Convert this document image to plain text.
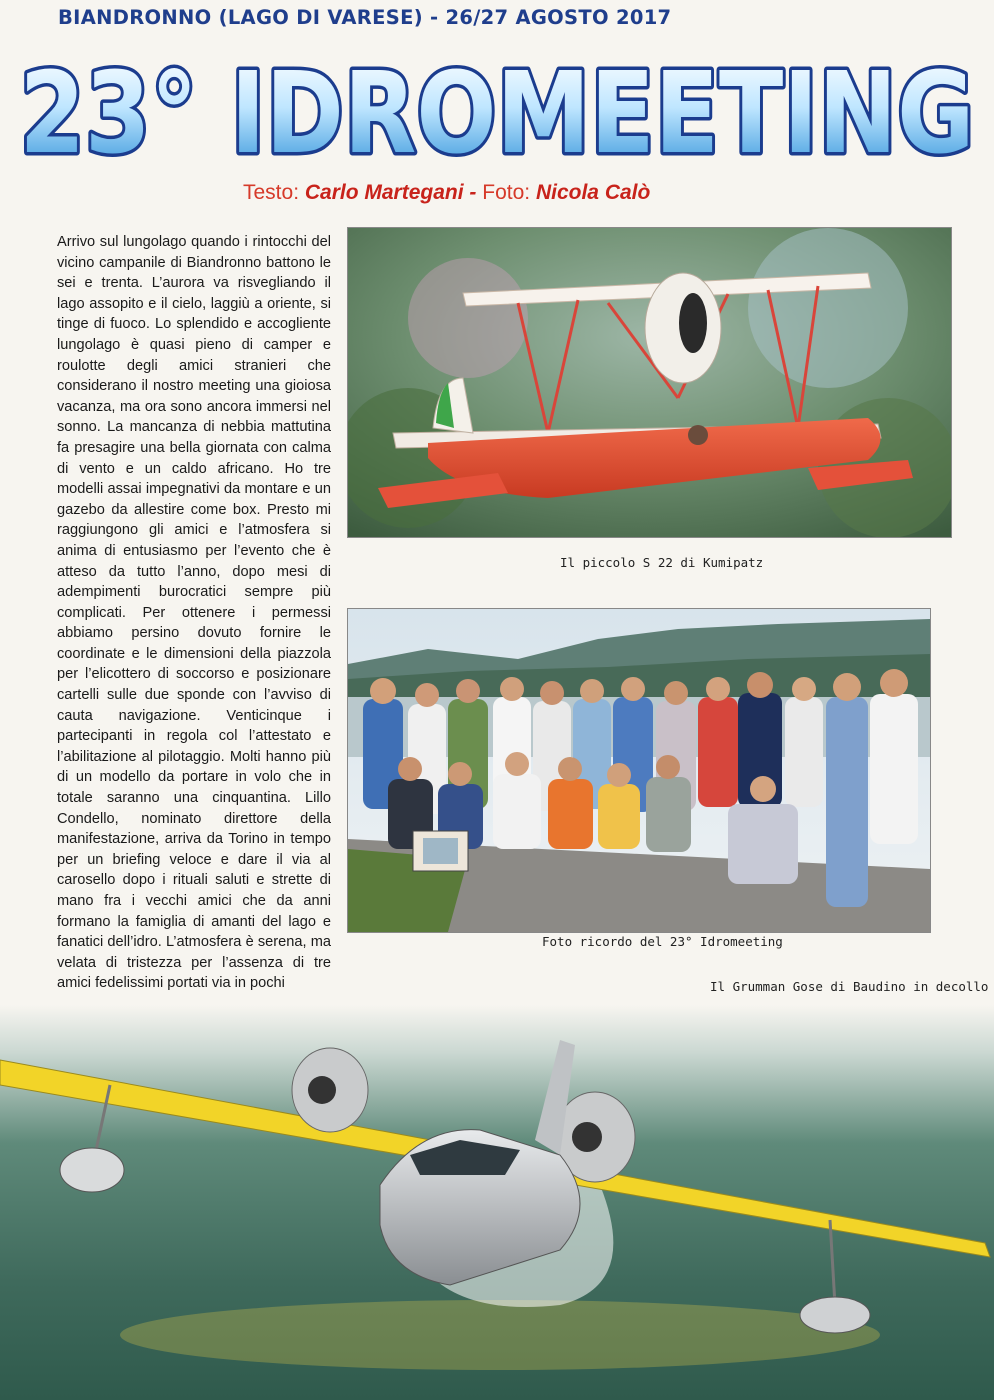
BIANDRONNO (LAGO DI VARESE) - 26/27 AGOSTO 2017
23° IDROMEETING
Testo: Carlo Martegani - Foto: Nicola Calò
Arrivo sul lungolago quando i rintocchi del vicino campanile di Biandronno battono le sei e trenta. L’aurora va risvegliando il lago assopito e il cielo, laggiù a oriente, si tinge di fuoco. Lo splendido e accogliente lungolago è quasi pieno di camper e roulotte degli amici stranieri che considerano il nostro meeting una gioiosa vacanza, ma ora sono ancora immersi nel sonno. La mancanza di nebbia mattutina fa presagire una bella giornata con calma di vento e un caldo africano. Ho tre modelli assai impegnativi da montare e un gazebo da allestire come box. Presto mi raggiungono gli amici e l’atmosfera si anima di entusiasmo per l’evento che è atteso da tutto l’anno, dopo mesi di adempimenti burocratici sempre più complicati. Per ottenere i permessi abbiamo persino dovuto fornire le coordinate e le dimensioni della piazzola per l’elicottero di soccorso e posizionare cartelli sulle due sponde con l’avviso di cauta navigazione. Venticinque i partecipanti in regola col l’attestato e l’abilitazione al pilotaggio. Molti hanno più di un modello da portare in volo che in totale saranno una cinquantina. Lillo Condello, nominato direttore della manifestazione, arriva da Torino in tempo per un briefing veloce e dare il via al carosello dopo i rituali saluti e strette di mano fra i vecchi amici che da anni formano la famiglia di amanti del lago e fanatici dell’idro. L’atmosfera è serena, ma velata di tristezza per l’assenza di tre amici fedelissimi portati via in pochi
Il piccolo S 22 di Kumipatz
Foto ricordo del 23° Idromeeting
Il Grumman Gose di Baudino in decollo
